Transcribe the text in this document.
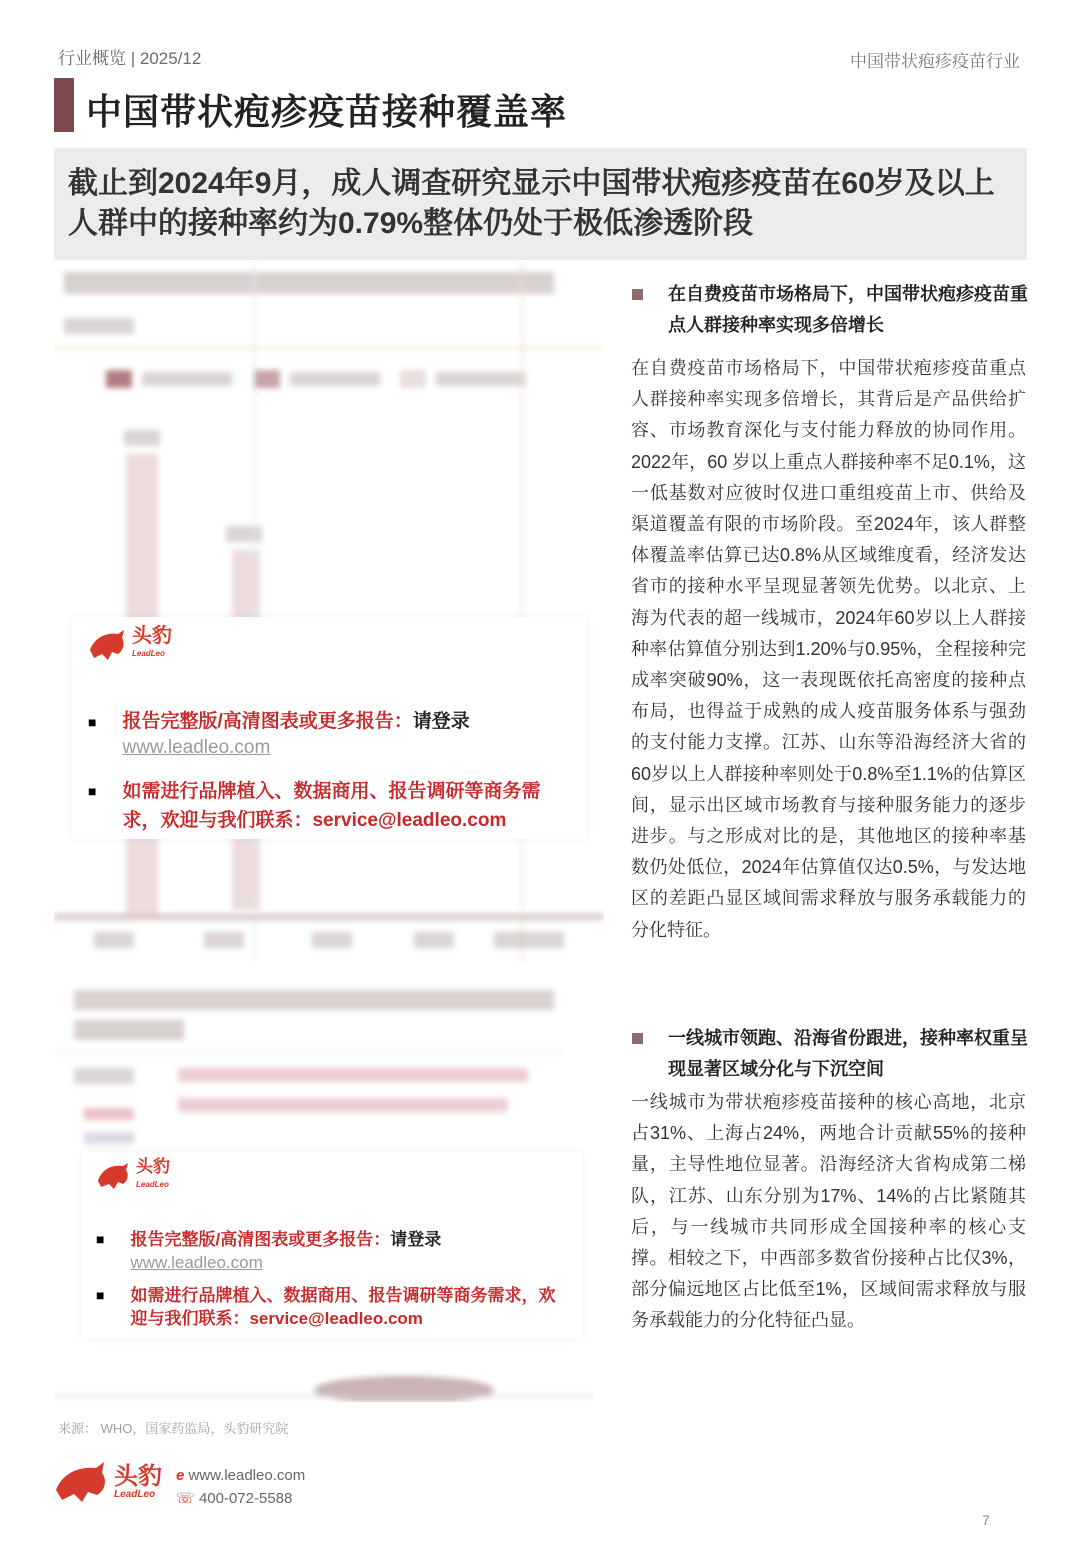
行业概览 | 2025/12	中国带状疱疹疫苗行业
中国带状疱疹疫苗接种覆盖率
截止到2024年9月，成人调查研究显示中国带状疱疹疫苗在60岁及以上人群中的接种率约为0.79%整体仍处于极低渗透阶段
头豹
LeadLeo
■ 报告完整版/高清图表或更多报告：请登录
www.leadleo.com
■ 如需进行品牌植入、数据商用、报告调研等商务需求，欢迎与我们联系：service@leadleo.com
头豹
LeadLeo
■ 报告完整版/高清图表或更多报告：请登录
www.leadleo.com
■ 如需进行品牌植入、数据商用、报告调研等商务需求，欢迎与我们联系：service@leadleo.com
在自费疫苗市场格局下，中国带状疱疹疫苗重点人群接种率实现多倍增长
在自费疫苗市场格局下，中国带状疱疹疫苗重点人群接种率实现多倍增长，其背后是产品供给扩容、市场教育深化与支付能力释放的协同作用。2022年，60 岁以上重点人群接种率不足0.1%，这一低基数对应彼时仅进口重组疫苗上市、供给及渠道覆盖有限的市场阶段。至2024年，该人群整体覆盖率估算已达0.8%从区域维度看，经济发达省市的接种水平呈现显著领先优势。以北京、上海为代表的超一线城市，2024年60岁以上人群接种率估算值分别达到1.20%与0.95%，全程接种完成率突破90%，这一表现既依托高密度的接种点布局，也得益于成熟的成人疫苗服务体系与强劲的支付能力支撑。江苏、山东等沿海经济大省的60岁以上人群接种率则处于0.8%至1.1%的估算区间，显示出区域市场教育与接种服务能力的逐步进步。与之形成对比的是，其他地区的接种率基数仍处低位，2024年估算值仅达0.5%，与发达地区的差距凸显区域间需求释放与服务承载能力的分化特征。
一线城市领跑、沿海省份跟进，接种率权重呈现显著区域分化与下沉空间
一线城市为带状疱疹疫苗接种的核心高地，北京占31%、上海占24%，两地合计贡献55%的接种量，主导性地位显著。沿海经济大省构成第二梯队，江苏、山东分别为17%、14%的占比紧随其后，与一线城市共同形成全国接种率的核心支撑。相较之下，中西部多数省份接种占比仅3%，部分偏远地区占比低至1%，区域间需求释放与服务承载能力的分化特征凸显。
来源： WHO，国家药监局，头豹研究院
头豹
LeadLeo
e www.leadleo.com
☏ 400-072-5588
7
